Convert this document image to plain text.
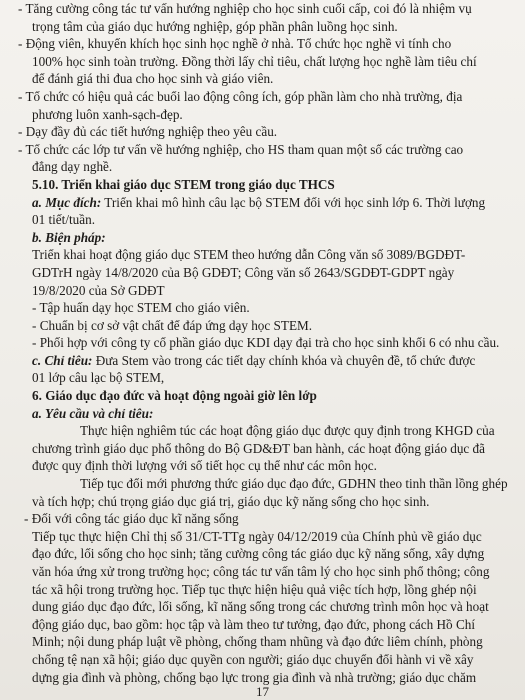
- Tăng cường công tác tư vấn hướng nghiệp cho học sinh cuối cấp, coi đó là nhiệm vụ
trọng tâm của giáo dục hướng nghiệp, góp phần phân luồng học sinh.
- Động viên, khuyến khích học sinh học nghề ở nhà. Tổ chức học nghề vi tính cho
100% học sinh toàn trường. Đồng thời lấy chỉ tiêu, chất lượng học nghề làm tiêu chí
để đánh giá thi đua cho học sinh và giáo viên.
- Tổ chức có hiệu quả các buổi lao động công ích, góp phần làm cho nhà trường, địa
phương luôn xanh-sạch-đẹp.
- Dạy đầy đủ các tiết hướng nghiệp theo yêu cầu.
- Tổ chức các lớp tư vấn về hướng nghiệp, cho HS tham quan một số các trường cao
đẳng dạy nghề.
5.10. Triển khai giáo dục STEM trong giáo dục THCS
a. Mục đích: Triển khai mô hình câu lạc bộ STEM đối với học sinh lớp 6. Thời lượng
01 tiết/tuần.
b. Biện pháp:
Triển khai hoạt động giáo dục STEM theo hướng dẫn Công văn số 3089/BGDĐT-
GDTrH ngày 14/8/2020 của Bộ GDĐT; Công văn số 2643/SGDĐT-GDPT ngày
19/8/2020 của Sở GDĐT
- Tập huấn dạy học STEM cho giáo viên.
- Chuẩn bị cơ sở vật chất để đáp ứng dạy học STEM.
- Phối hợp với công ty cổ phần giáo dục KDI dạy đại trà cho học sinh khối 6 có nhu cầu.
c. Chỉ tiêu: Đưa Stem vào trong các tiết dạy chính khóa và chuyên đề, tổ chức được
01 lớp câu lạc bộ STEM,
6. Giáo dục đạo đức và hoạt động ngoài giờ lên lớp
a. Yêu cầu và chỉ tiêu:
Thực hiện nghiêm túc các hoạt động giáo dục được quy định trong KHGD của
chương trình giáo dục phổ thông do Bộ GD&ĐT ban hành, các hoạt động giáo dục đã
được quy định thời lượng với số tiết học cụ thể như các môn học.
Tiếp tục đổi mới phương thức giáo dục đạo đức, GDHN theo tinh thần lồng ghép
và tích hợp; chú trọng giáo dục giá trị, giáo dục kỹ năng sống cho học sinh.
- Đối với công tác giáo dục kĩ năng sống
Tiếp tục thực hiện Chỉ thị số 31/CT-TTg ngày 04/12/2019 của Chính phủ về giáo dục
đạo đức, lối sống cho học sinh; tăng cường công tác giáo dục kỹ năng sống, xây dựng
văn hóa ứng xử trong trường học; công tác tư vấn tâm lý cho học sinh phổ thông; công
tác xã hội trong trường học. Tiếp tục thực hiện hiệu quả việc tích hợp, lồng ghép nội
dung giáo dục đạo đức, lối sống, kĩ năng sống trong các chương trình môn học và hoạt
động giáo dục, bao gồm: học tập và làm theo tư tưởng, đạo đức, phong cách Hồ Chí
Minh; nội dung pháp luật về phòng, chống tham nhũng và đạo đức liêm chính, phòng
chống tệ nạn xã hội; giáo dục quyền con người; giáo dục chuyển đổi hành vi về xây
dựng gia đình và phòng, chống bạo lực trong gia đình và nhà trường; giáo dục chăm
17
